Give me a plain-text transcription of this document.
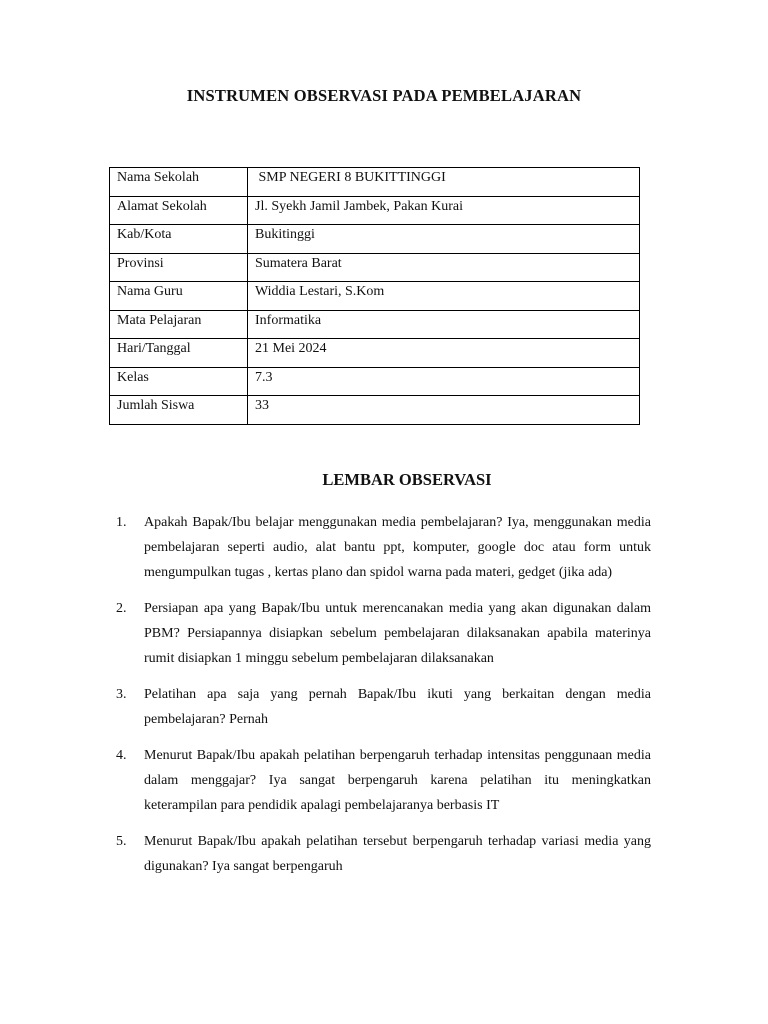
INSTRUMEN OBSERVASI PADA PEMBELAJARAN
Nama Sekolah	SMP NEGERI 8 BUKITTINGGI
Alamat Sekolah	Jl. Syekh Jamil Jambek, Pakan Kurai
Kab/Kota	Bukitinggi
Provinsi	Sumatera Barat
Nama Guru	Widdia Lestari, S.Kom
Mata Pelajaran	Informatika
Hari/Tanggal	21 Mei 2024
Kelas	7.3
Jumlah Siswa	33
LEMBAR OBSERVASI
1. Apakah Bapak/Ibu belajar menggunakan media pembelajaran? Iya, menggunakan media pembelajaran seperti audio, alat bantu ppt, komputer, google doc atau form untuk mengumpulkan tugas , kertas plano dan spidol warna pada materi, gedget (jika ada)
2. Persiapan apa yang Bapak/Ibu untuk merencanakan media yang akan digunakan dalam PBM? Persiapannya disiapkan sebelum pembelajaran dilaksanakan apabila materinya rumit disiapkan 1 minggu sebelum pembelajaran dilaksanakan
3. Pelatihan apa saja yang pernah Bapak/Ibu ikuti yang berkaitan dengan media pembelajaran? Pernah
4. Menurut Bapak/Ibu apakah pelatihan berpengaruh terhadap intensitas penggunaan media dalam menggajar? Iya sangat berpengaruh karena pelatihan itu meningkatkan keterampilan para pendidik apalagi pembelajaranya berbasis IT
5. Menurut Bapak/Ibu apakah pelatihan tersebut berpengaruh terhadap variasi media yang digunakan? Iya sangat berpengaruh
